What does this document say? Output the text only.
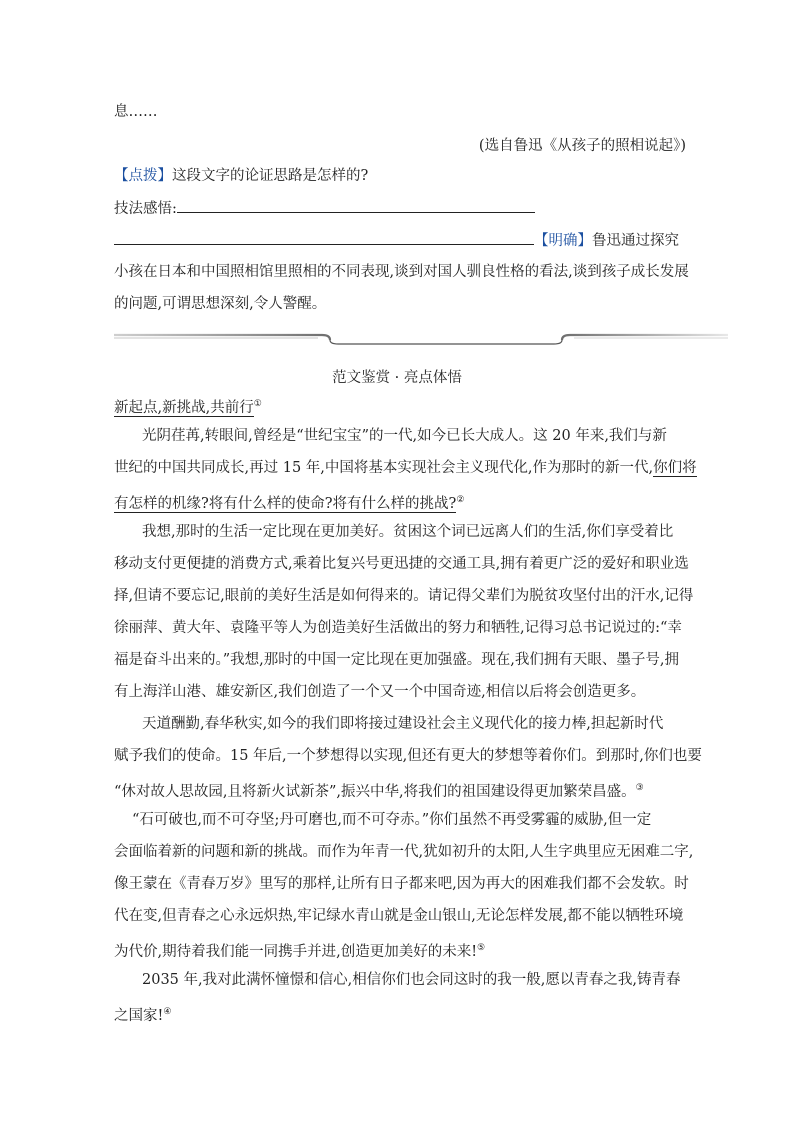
息……
(选自鲁迅《从孩子的照相说起》)
【点拨】这段文字的论证思路是怎样的?
技法感悟:
【明确】鲁迅通过探究
小孩在日本和中国照相馆里照相的不同表现,谈到对国人驯良性格的看法,谈到孩子成长发展
的问题,可谓思想深刻,令人警醒。
范文鉴赏 · 亮点体悟
新起点,新挑战,共前行①
光阴荏苒,转眼间,曾经是“世纪宝宝”的一代,如今已长大成人。这 20 年来,我们与新
世纪的中国共同成长,再过 15 年,中国将基本实现社会主义现代化,作为那时的新一代,你们将
有怎样的机缘?将有什么样的使命?将有什么样的挑战?②
我想,那时的生活一定比现在更加美好。贫困这个词已远离人们的生活,你们享受着比
移动支付更便捷的消费方式,乘着比复兴号更迅捷的交通工具,拥有着更广泛的爱好和职业选
择,但请不要忘记,眼前的美好生活是如何得来的。请记得父辈们为脱贫攻坚付出的汗水,记得
徐丽萍、黄大年、袁隆平等人为创造美好生活做出的努力和牺牲,记得习总书记说过的:“幸
福是奋斗出来的。”我想,那时的中国一定比现在更加强盛。现在,我们拥有天眼、墨子号,拥
有上海洋山港、雄安新区,我们创造了一个又一个中国奇迹,相信以后将会创造更多。
天道酬勤,春华秋实,如今的我们即将接过建设社会主义现代化的接力棒,担起新时代
赋予我们的使命。15 年后,一个梦想得以实现,但还有更大的梦想等着你们。到那时,你们也要
“休对故人思故园,且将新火试新茶”,振兴中华,将我们的祖国建设得更加繁荣昌盛。③
“石可破也,而不可夺坚;丹可磨也,而不可夺赤。”你们虽然不再受雾霾的威胁,但一定
会面临着新的问题和新的挑战。而作为年青一代,犹如初升的太阳,人生字典里应无困难二字,
像王蒙在《青春万岁》里写的那样,让所有日子都来吧,因为再大的困难我们都不会发软。时
代在变,但青春之心永远炽热,牢记绿水青山就是金山银山,无论怎样发展,都不能以牺牲环境
为代价,期待着我们能一同携手并进,创造更加美好的未来!⑤
2035 年,我对此满怀憧憬和信心,相信你们也会同这时的我一般,愿以青春之我,铸青春
之国家!④
